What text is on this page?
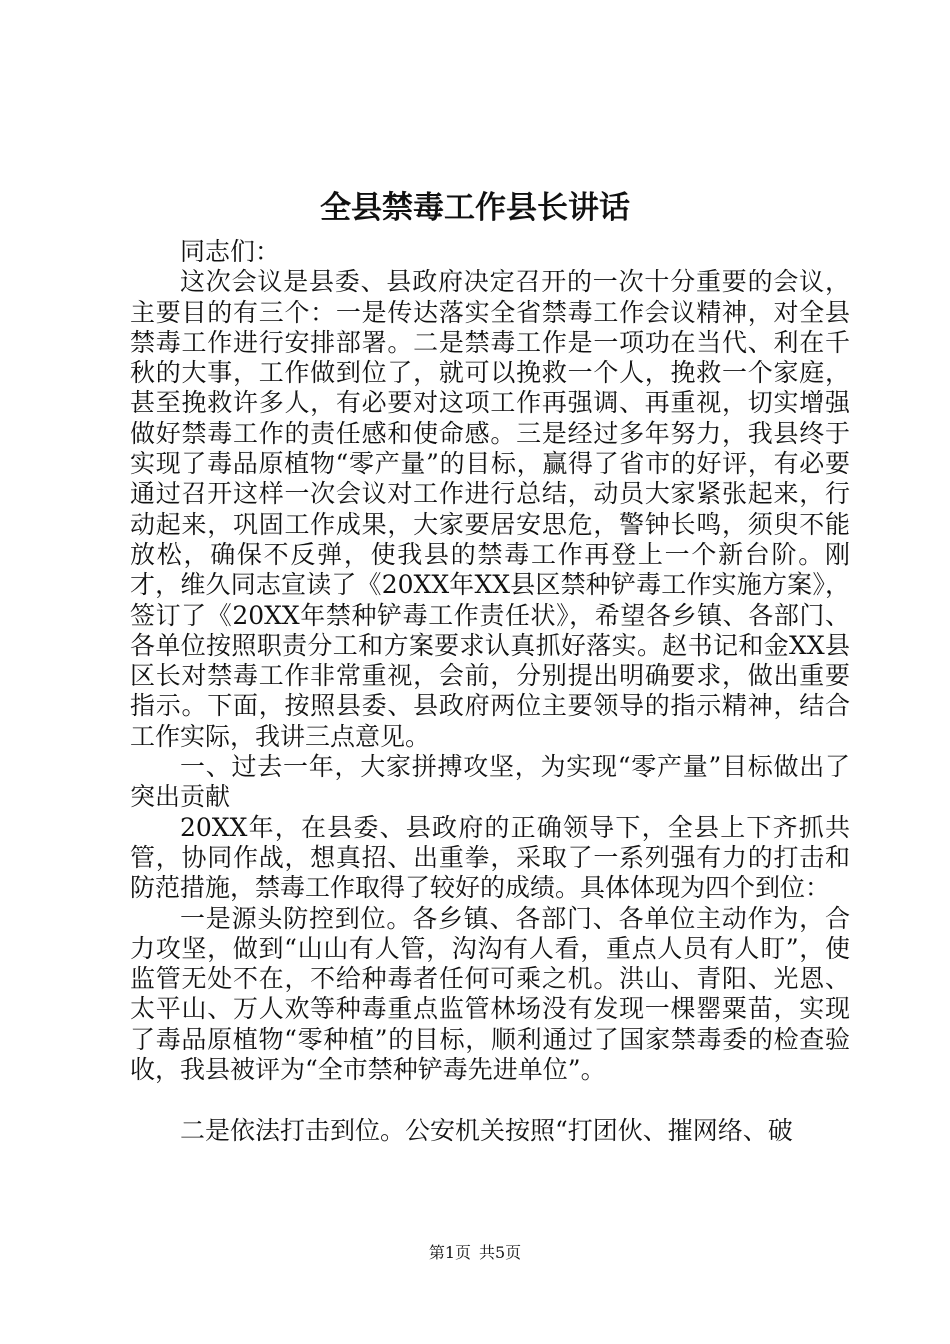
全县禁毒工作县长讲话

同志们：

这次会议是县委、县政府决定召开的一次十分重要的会议，主要目的有三个：一是传达落实全省禁毒工作会议精神，对全县禁毒工作进行安排部署。二是禁毒工作是一项功在当代、利在千秋的大事，工作做到位了，就可以挽救一个人，挽救一个家庭，甚至挽救许多人，有必要对这项工作再强调、再重视，切实增强做好禁毒工作的责任感和使命感。三是经过多年努力，我县终于实现了毒品原植物“零产量”的目标，赢得了省市的好评，有必要通过召开这样一次会议对工作进行总结，动员大家紧张起来，行动起来，巩固工作成果，大家要居安思危，警钟长鸣，须臾不能放松，确保不反弹，使我县的禁毒工作再登上一个新台阶。刚才，维久同志宣读了《20XX年XX县区禁种铲毒工作实施方案》，签订了《20XX年禁种铲毒工作责任状》，希望各乡镇、各部门、各单位按照职责分工和方案要求认真抓好落实。赵书记和金XX县区长对禁毒工作非常重视，会前，分别提出明确要求，做出重要指示。下面，按照县委、县政府两位主要领导的指示精神，结合工作实际，我讲三点意见。

一、过去一年，大家拼搏攻坚，为实现“零产量”目标做出了突出贡献

20XX年，在县委、县政府的正确领导下，全县上下齐抓共管，协同作战，想真招、出重拳，采取了一系列强有力的打击和防范措施，禁毒工作取得了较好的成绩。具体体现为四个到位：

一是源头防控到位。各乡镇、各部门、各单位主动作为，合力攻坚，做到“山山有人管，沟沟有人看，重点人员有人盯”，使监管无处不在，不给种毒者任何可乘之机。洪山、青阳、光恩、太平山、万人欢等种毒重点监管林场没有发现一棵罂粟苗，实现了毒品原植物“零种植”的目标，顺利通过了国家禁毒委的检查验收，我县被评为“全市禁种铲毒先进单位”。

二是依法打击到位。公安机关按照“打团伙、摧网络、破

第1页 共5页
